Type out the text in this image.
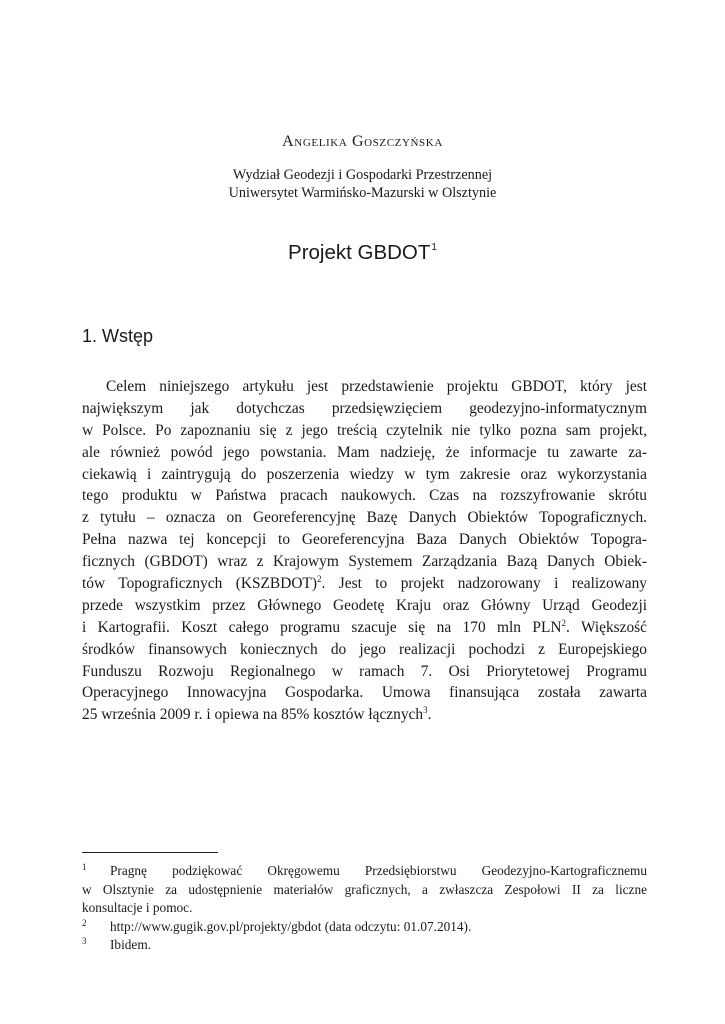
Angelika Goszczyńska
Wydział Geodezji i Gospodarki Przestrzennej
Uniwersytet Warmińsko-Mazurski w Olsztynie
Projekt GBDOT$^1$
1. Wstęp
Celem niniejszego artykułu jest przedstawienie projektu GBDOT, który jest
największym jak dotychczas przedsięwzięciem geodezyjno-informatycznym
w Polsce. Po zapoznaniu się z jego treścią czytelnik nie tylko pozna sam projekt,
ale również powód jego powstania. Mam nadzieję, że informacje tu zawarte za-
ciekawią i zaintrygują do poszerzenia wiedzy w tym zakresie oraz wykorzystania
tego produktu w Państwa pracach naukowych. Czas na rozszyfrowanie skrótu
z tytułu – oznacza on Georeferencyjnę Bazę Danych Obiektów Topograficznych.
Pełna nazwa tej koncepcji to Georeferencyjna Baza Danych Obiektów Topogra-
ficznych (GBDOT) wraz z Krajowym Systemem Zarządzania Bazą Danych Obiek-
tów Topograficznych (KSZBDOT)$^2$. Jest to projekt nadzorowany i realizowany
przede wszystkim przez Głównego Geodetę Kraju oraz Główny Urząd Geodezji
i Kartografii. Koszt całego programu szacuje się na 170 mln PLN$^2$. Większość
środków finansowych koniecznych do jego realizacji pochodzi z Europejskiego
Funduszu Rozwoju Regionalnego w ramach 7. Osi Priorytetowej Programu
Operacyjnego Innowacyjna Gospodarka. Umowa finansująca została zawarta
25 września 2009 r. i opiewa na 85% kosztów łącznych$^3$.
1 Pragnę podziękować Okręgowemu Przedsiębiorstwu Geodezyjno-Kartograficznemu
w Olsztynie za udostępnienie materiałów graficznych, a zwłaszcza Zespołowi II za liczne
konsultacje i pomoc.
2 http://www.gugik.gov.pl/projekty/gbdot (data odczytu: 01.07.2014).
3 Ibidem.
